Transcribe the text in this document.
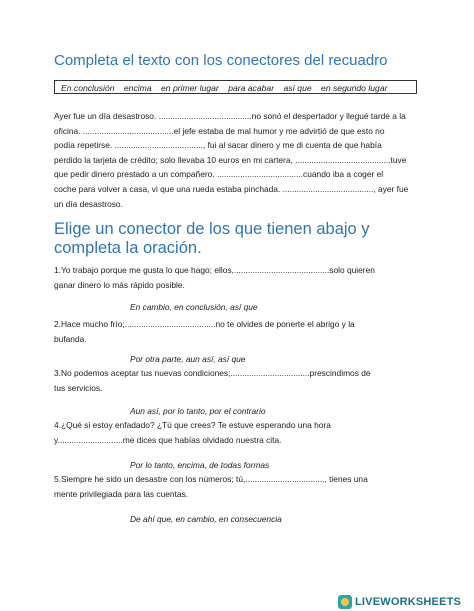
Completa el texto con los conectores del recuadro
En conclusión encima en primer lugar para acabar así que en segundo lugar
Ayer fue un día desastroso. ........................................no sonó el despertador y llegué tarde a la
oficina. .......................................el jefe estaba de mal humor y me advirtió de que esto no
podía repetirse. ......................................, fui al sacar dinero y me di cuenta de que había
perdido la tarjeta de crédito; solo llevaba 10 euros en mi cartera, .........................................tuve
que pedir dinero prestado a un compañero. .....................................cuando iba a coger el
coche para volver a casa, vi que una rueda estaba pinchada. ......................................., ayer fue
un día desastroso.
Elige un conector de los que tienen abajo y completa la oración.
1.Yo trabajo porque me gusta lo que hago; ellos,.........................................solo quieren
ganar dinero lo más rápido posible.
En cambio, en conclusión, así que
2.Hace mucho frío;.......................................no te olvides de ponerte el abrigo y la
bufanda.
Por otra parte, aun así, así que
3.No podemos aceptar tus nuevas condiciones;..................................prescindimos de
tus servicios.
Aun así, por lo tanto, por el contrario
4.¿Qué si estoy enfadado? ¿Tú que crees? Te estuve esperando una hora
y............................me dices que habías olvidado nuestra cita.
Por lo tanto, encima, de todas formas
5.Siempre he sido un desastre con los números; tú,.................................., tienes una
mente privilegiada para las cuentas.
De ahí que, en cambio, en consecuencia
LIVEWORKSHEETS
